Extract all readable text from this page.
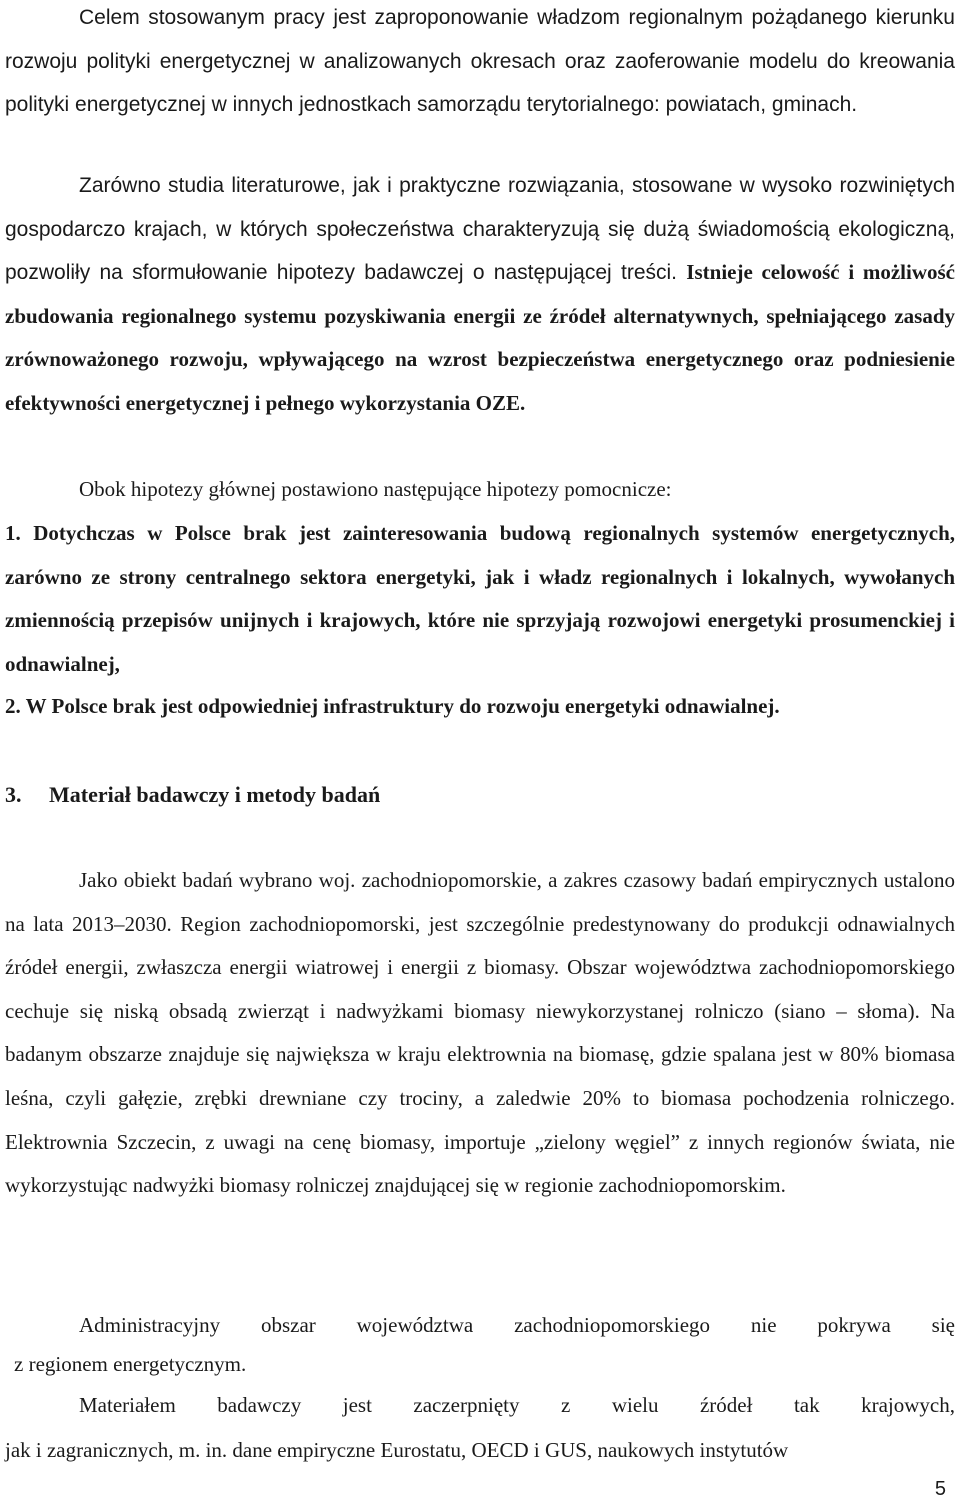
Celem stosowanym pracy jest zaproponowanie władzom regionalnym pożądanego kierunku rozwoju polityki energetycznej w analizowanych okresach oraz zaoferowanie modelu do kreowania polityki energetycznej w innych jednostkach samorządu terytorialnego: powiatach, gminach.

Zarówno studia literaturowe, jak i praktyczne rozwiązania, stosowane w wysoko rozwiniętych gospodarczo krajach, w których społeczeństwa charakteryzują się dużą świadomością ekologiczną, pozwoliły na sformułowanie hipotezy badawczej o następującej treści. Istnieje celowość i możliwość zbudowania regionalnego systemu pozyskiwania energii ze źródeł alternatywnych, spełniającego zasady zrównoważonego rozwoju, wpływającego na wzrost bezpieczeństwa energetycznego oraz podniesienie efektywności energetycznej i pełnego wykorzystania OZE.

Obok hipotezy głównej postawiono następujące hipotezy pomocnicze:

1. Dotychczas w Polsce brak jest zainteresowania budową regionalnych systemów energetycznych, zarówno ze strony centralnego sektora energetyki, jak i władz regionalnych i lokalnych, wywołanych zmiennością przepisów unijnych i krajowych, które nie sprzyjają rozwojowi energetyki prosumenckiej i odnawialnej,

2. W Polsce brak jest odpowiedniej infrastruktury do rozwoju energetyki odnawialnej.

3. Materiał badawczy i metody badań

Jako obiekt badań wybrano woj. zachodniopomorskie, a zakres czasowy badań empirycznych ustalono na lata 2013–2030. Region zachodniopomorski, jest szczególnie predestynowany do produkcji odnawialnych źródeł energii, zwłaszcza energii wiatrowej i energii z biomasy. Obszar województwa zachodniopomorskiego cechuje się niską obsadą zwierząt i nadwyżkami biomasy niewykorzystanej rolniczo (siano – słoma). Na badanym obszarze znajduje się największa w kraju elektrownia na biomasę, gdzie spalana jest w 80% biomasa leśna, czyli gałęzie, zrębki drewniane czy trociny, a zaledwie 20% to biomasa pochodzenia rolniczego. Elektrownia Szczecin, z uwagi na cenę biomasy, importuje „zielony węgiel” z innych regionów świata, nie wykorzystując nadwyżki biomasy rolniczej znajdującej się w regionie zachodniopomorskim.

Administracyjny obszar województwa zachodniopomorskiego nie pokrywa się

z regionem energetycznym.

Materiałem badawczy jest zaczerpnięty z wielu źródeł tak krajowych,

jak i zagranicznych, m. in. dane empiryczne Eurostatu, OECD i GUS, naukowych instytutów

5
